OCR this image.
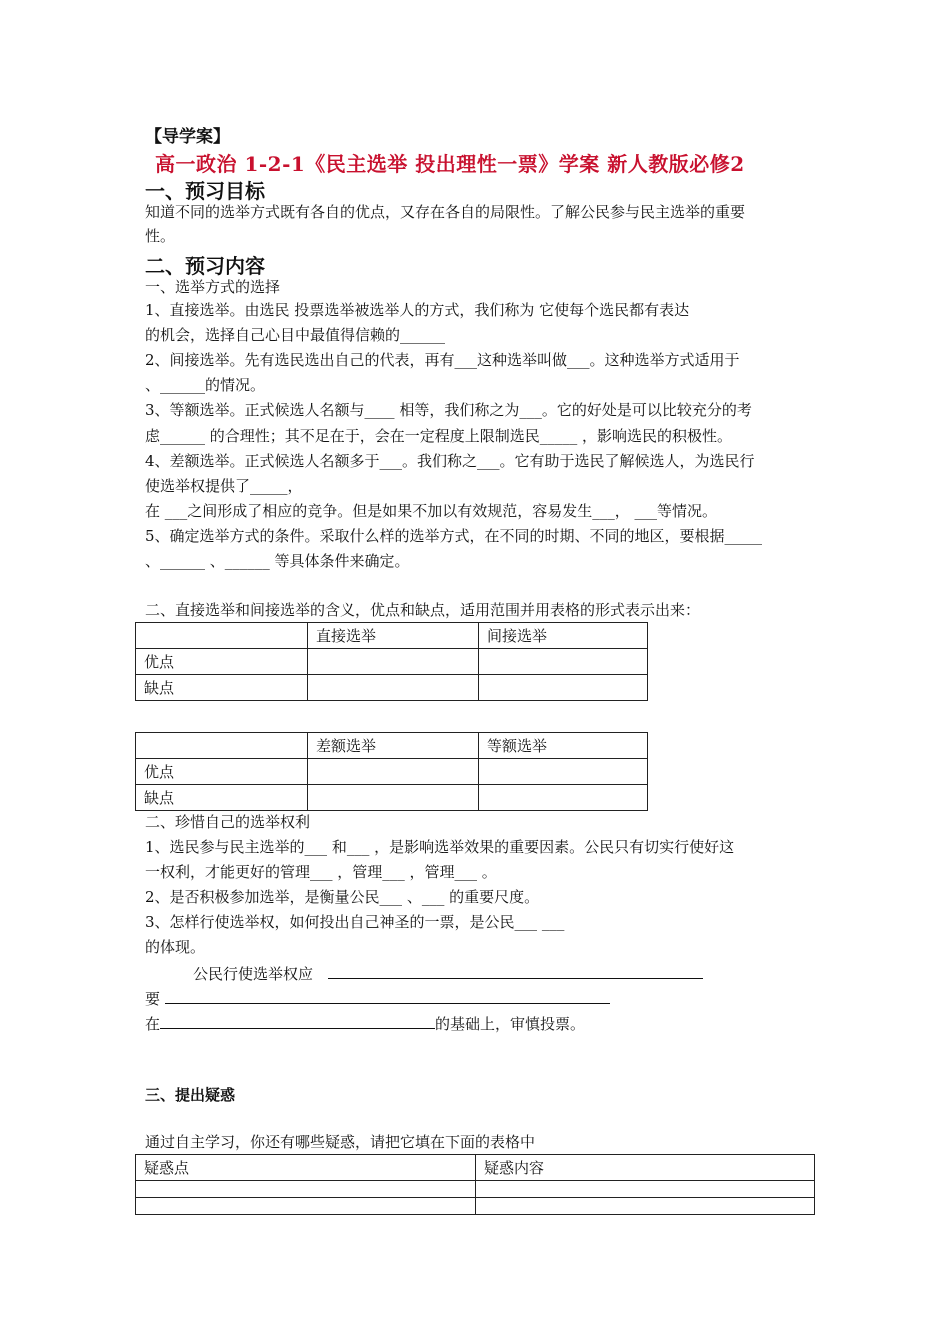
【导学案】
高一政治 1-2-1《民主选举 投出理性一票》学案 新人教版必修2
一、预习目标
知道不同的选举方式既有各自的优点，又存在各自的局限性。了解公民参与民主选举的重要
性。
二、预习内容
一、选举方式的选择
1、直接选举。由选民 投票选举被选举人的方式，我们称为 它使每个选民都有表达
的机会，选择自己心目中最值得信赖的______
2、间接选举。先有选民选出自己的代表，再有___这种选举叫做___。这种选举方式适用于
、______的情况。
3、等额选举。正式候选人名额与____ 相等，我们称之为___。它的好处是可以比较充分的考
虑______ 的合理性；其不足在于，会在一定程度上限制选民_____ ，影响选民的积极性。
4、差额选举。正式候选人名额多于___。我们称之___。它有助于选民了解候选人，为选民行
使选举权提供了_____，
在 ___之间形成了相应的竞争。但是如果不加以有效规范，容易发生___， ___等情况。
5、确定选举方式的条件。采取什么样的选举方式，在不同的时期、不同的地区，要根据_____
、______ 、______ 等具体条件来确定。
二、直接选举和间接选举的含义，优点和缺点，适用范围并用表格的形式表示出来：
	直接选举	间接选举
优点		
缺点		
	差额选举	等额选举
优点		
缺点		
二、珍惜自己的选举权利
1、选民参与民主选举的___ 和___ ，是影响选举效果的重要因素。公民只有切实行使好这
一权利，才能更好的管理___ ，管理___ ，管理___ 。
2、是否积极参加选举，是衡量公民___ 、___ 的重要尺度。
3、怎样行使选举权，如何投出自己神圣的一票，是公民___ ___
的体现。
公民行使选举权应
要
在	的基础上，审慎投票。
三、提出疑惑
通过自主学习，你还有哪些疑惑，请把它填在下面的表格中
疑惑点	疑惑内容
